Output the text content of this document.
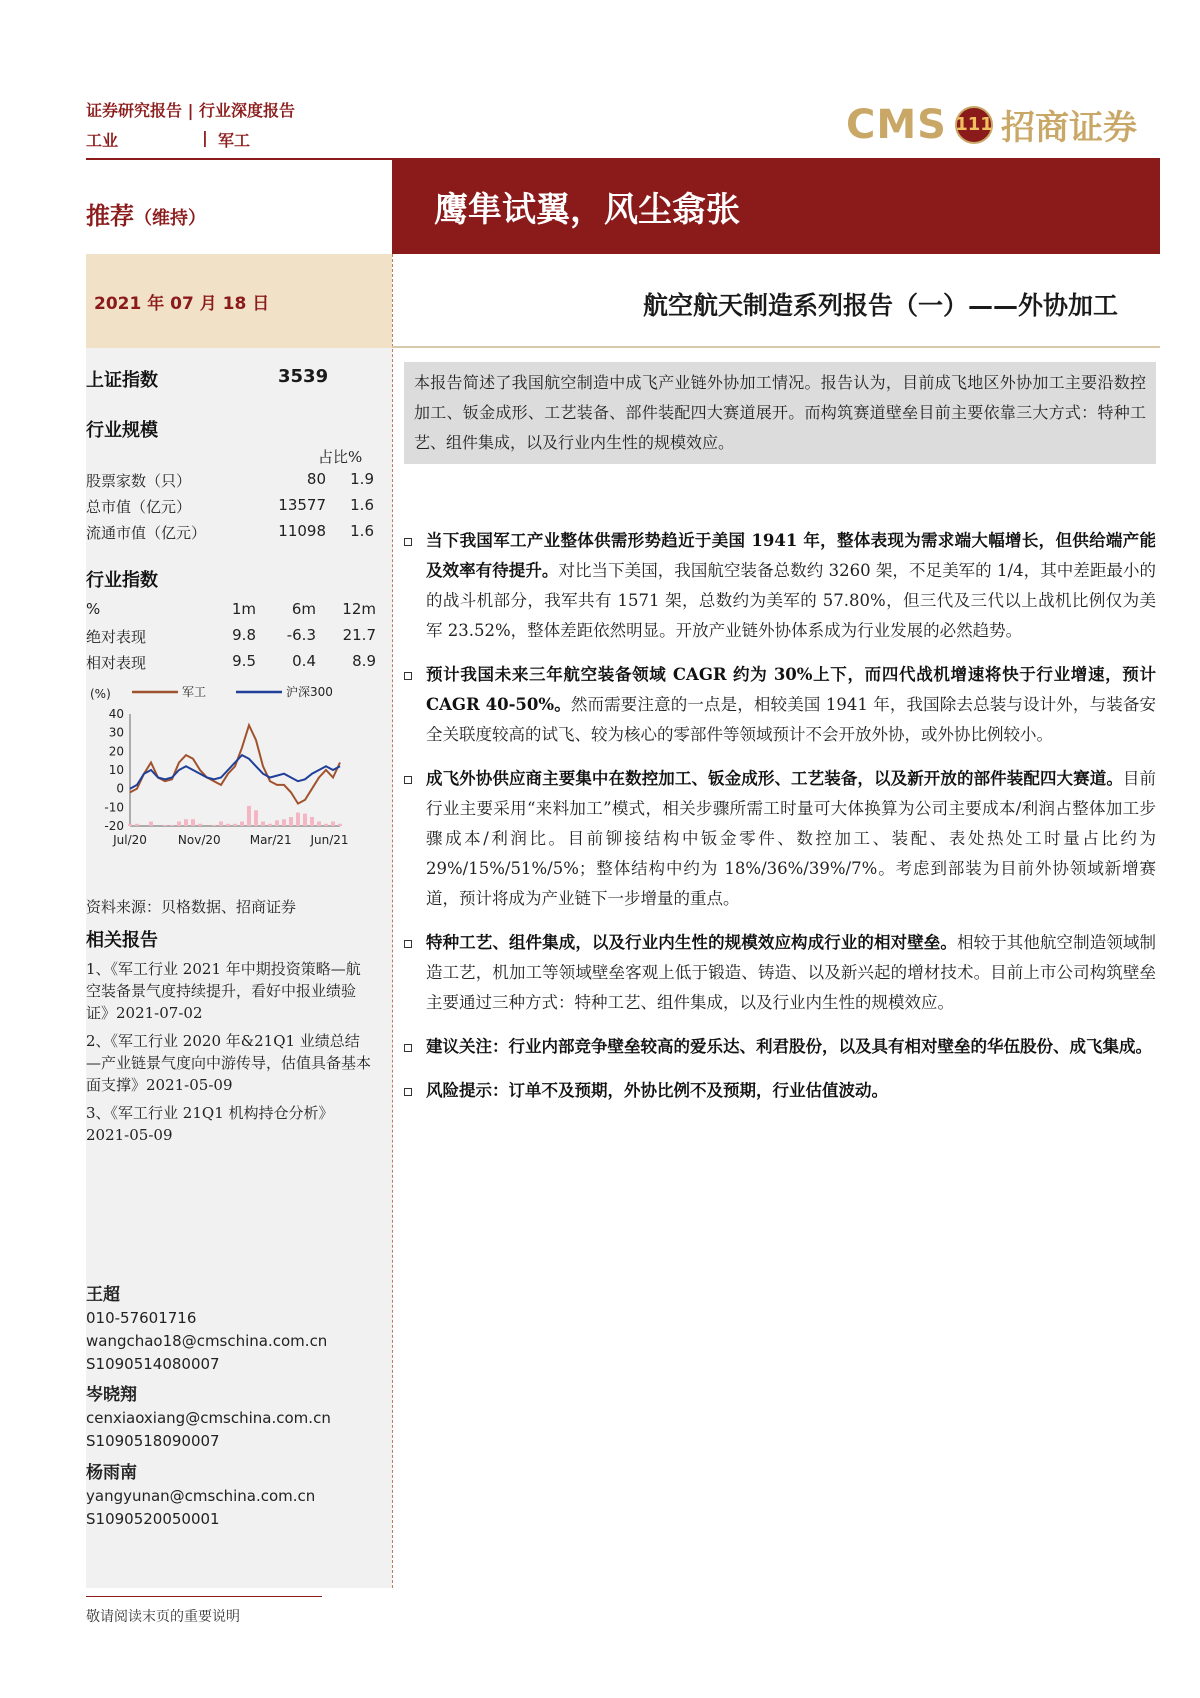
证券研究报告 | 行业深度报告
工业	| 军工	CMS 111 招商证券
推荐（维持）	鹰隼试翼，风尘翕张
2021 年 07 月 18 日	航空航天制造系列报告（一）——外协加工
上证指数	3539
行业规模
占比%
股票家数（只）	80	1.9
总市值（亿元）	13577	1.6
流通市值（亿元）	11098	1.6
行业指数
%	1m	6m	12m
绝对表现	9.8	-6.3	21.7
相对表现	9.5	0.4	8.9
(%)	军工	沪深300
40
30
20
10
0
-10
-20
Jul/20	Nov/20 Mar/21 Jun/21
资料来源：贝格数据、招商证券
相关报告
1、《军工行业 2021 年中期投资策略—航空装备景气度持续提升，看好中报业绩验证》2021-07-02
2、《军工行业 2020 年&21Q1 业绩总结—产业链景气度向中游传导，估值具备基本面支撑》2021-05-09
3、《军工行业 21Q1 机构持仓分析》2021-05-09
王超
010-57601716
wangchao18@cmschina.com.cn
S1090514080007
岑晓翔
cenxiaoxiang@cmschina.com.cn
S1090518090007
杨雨南
yangyunan@cmschina.com.cn
S1090520050001
本报告简述了我国航空制造中成飞产业链外协加工情况。报告认为，目前成飞地区外协加工主要沿数控加工、钣金成形、工艺装备、部件装配四大赛道展开。而构筑赛道壁垒目前主要依靠三大方式：特种工艺、组件集成，以及行业内生性的规模效应。
当下我国军工产业整体供需形势趋近于美国 1941 年，整体表现为需求端大幅增长，但供给端产能及效率有待提升。对比当下美国，我国航空装备总数约 3260 架，不足美军的 1/4，其中差距最小的的战斗机部分，我军共有 1571 架，总数约为美军的 57.80%，但三代及三代以上战机比例仅为美军 23.52%，整体差距依然明显。开放产业链外协体系成为行业发展的必然趋势。
预计我国未来三年航空装备领域 CAGR 约为 30%上下，而四代战机增速将快于行业增速，预计 CAGR 40-50%。然而需要注意的一点是，相较美国 1941 年，我国除去总装与设计外，与装备安全关联度较高的试飞、较为核心的零部件等领域预计不会开放外协，或外协比例较小。
成飞外协供应商主要集中在数控加工、钣金成形、工艺装备，以及新开放的部件装配四大赛道。目前行业主要采用“来料加工”模式，相关步骤所需工时量可大体换算为公司主要成本/利润占整体加工步骤成本/利润比。目前铆接结构中钣金零件、数控加工、装配、表处热处工时量占比约为 29%/15%/51%/5%；整体结构中约为 18%/36%/39%/7%。考虑到部装为目前外协领域新增赛道，预计将成为产业链下一步增量的重点。
特种工艺、组件集成，以及行业内生性的规模效应构成行业的相对壁垒。相较于其他航空制造领域制造工艺，机加工等领域壁垒客观上低于锻造、铸造、以及新兴起的增材技术。目前上市公司构筑壁垒主要通过三种方式：特种工艺、组件集成，以及行业内生性的规模效应。
建议关注：行业内部竞争壁垒较高的爱乐达、利君股份，以及具有相对壁垒的华伍股份、成飞集成。
风险提示：订单不及预期，外协比例不及预期，行业估值波动。
敬请阅读末页的重要说明
